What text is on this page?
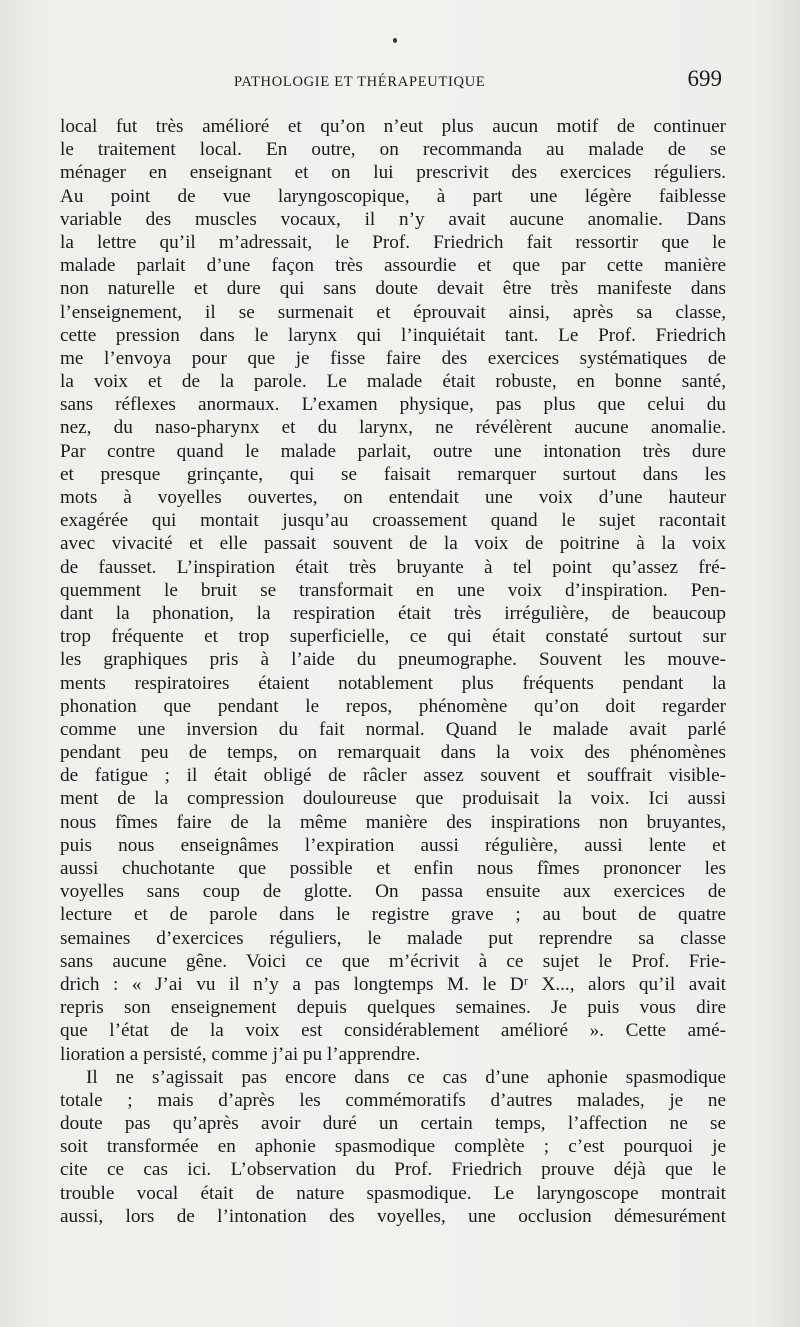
PATHOLOGIE ET THÉRAPEUTIQUE	699
local fut très amélioré et qu’on n’eut plus aucun motif de continuer
le traitement local. En outre, on recommanda au malade de se
ménager en enseignant et on lui prescrivit des exercices réguliers.
Au point de vue laryngoscopique, à part une légère faiblesse
variable des muscles vocaux, il n’y avait aucune anomalie. Dans
la lettre qu’il m’adressait, le Prof. Friedrich fait ressortir que le
malade parlait d’une façon très assourdie et que par cette manière
non naturelle et dure qui sans doute devait être très manifeste dans
l’enseignement, il se surmenait et éprouvait ainsi, après sa classe,
cette pression dans le larynx qui l’inquiétait tant. Le Prof. Friedrich
me l’envoya pour que je fisse faire des exercices systématiques de
la voix et de la parole. Le malade était robuste, en bonne santé,
sans réflexes anormaux. L’examen physique, pas plus que celui du
nez, du naso-pharynx et du larynx, ne révélèrent aucune anomalie.
Par contre quand le malade parlait, outre une intonation très dure
et presque grinçante, qui se faisait remarquer surtout dans les
mots à voyelles ouvertes, on entendait une voix d’une hauteur
exagérée qui montait jusqu’au croassement quand le sujet racontait
avec vivacité et elle passait souvent de la voix de poitrine à la voix
de fausset. L’inspiration était très bruyante à tel point qu’assez fré-
quemment le bruit se transformait en une voix d’inspiration. Pen-
dant la phonation, la respiration était très irrégulière, de beaucoup
trop fréquente et trop superficielle, ce qui était constaté surtout sur
les graphiques pris à l’aide du pneumographe. Souvent les mouve-
ments respiratoires étaient notablement plus fréquents pendant la
phonation que pendant le repos, phénomène qu’on doit regarder
comme une inversion du fait normal. Quand le malade avait parlé
pendant peu de temps, on remarquait dans la voix des phénomènes
de fatigue ; il était obligé de râcler assez souvent et souffrait visible-
ment de la compression douloureuse que produisait la voix. Ici aussi
nous fîmes faire de la même manière des inspirations non bruyantes,
puis nous enseignâmes l’expiration aussi régulière, aussi lente et
aussi chuchotante que possible et enfin nous fîmes prononcer les
voyelles sans coup de glotte. On passa ensuite aux exercices de
lecture et de parole dans le registre grave ; au bout de quatre
semaines d’exercices réguliers, le malade put reprendre sa classe
sans aucune gêne. Voici ce que m’écrivit à ce sujet le Prof. Frie-
drich : « J’ai vu il n’y a pas longtemps M. le Dʳ X..., alors qu’il avait
repris son enseignement depuis quelques semaines. Je puis vous dire
que l’état de la voix est considérablement amélioré ». Cette amé-
lioration a persisté, comme j’ai pu l’apprendre.
Il ne s’agissait pas encore dans ce cas d’une aphonie spasmodique
totale ; mais d’après les commémoratifs d’autres malades, je ne
doute pas qu’après avoir duré un certain temps, l’affection ne se
soit transformée en aphonie spasmodique complète ; c’est pourquoi je
cite ce cas ici. L’observation du Prof. Friedrich prouve déjà que le
trouble vocal était de nature spasmodique. Le laryngoscope montrait
aussi, lors de l’intonation des voyelles, une occlusion démesurément
